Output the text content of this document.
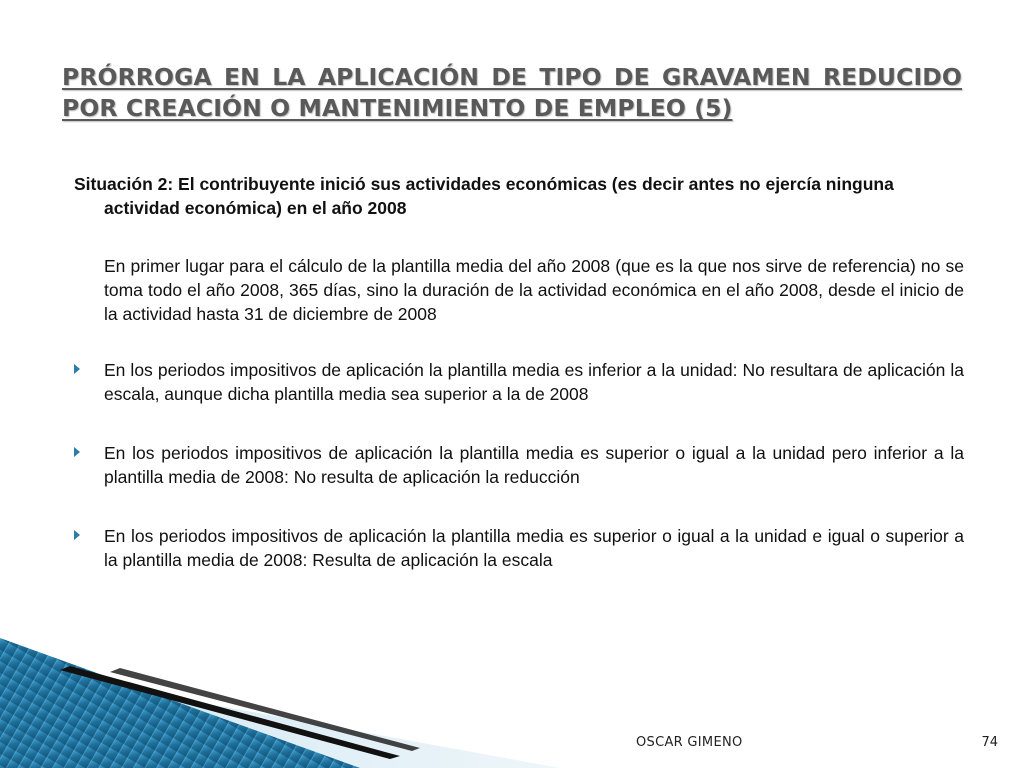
PRÓRROGA EN LA APLICACIÓN DE TIPO DE GRAVAMEN REDUCIDO POR CREACIÓN O MANTENIMIENTO DE EMPLEO (5)

Situación 2: El contribuyente inició sus actividades económicas (es decir antes no ejercía ninguna actividad económica) en el año 2008

En primer lugar para el cálculo de la plantilla media del año 2008 (que es la que nos sirve de referencia) no se toma todo el año 2008, 365 días, sino la duración de la actividad económica en el año 2008, desde el inicio de la actividad hasta 31 de diciembre de 2008

En los periodos impositivos de aplicación la plantilla media es inferior a la unidad: No resultara de aplicación la escala, aunque dicha plantilla media sea superior a la de 2008
En los periodos impositivos de aplicación la plantilla media es superior o igual a la unidad pero inferior a la plantilla media de 2008: No resulta de aplicación la reducción
En los periodos impositivos de aplicación la plantilla media es superior o igual a la unidad e igual o superior a la plantilla media de 2008: Resulta de aplicación la escala
OSCAR GIMENO	74
